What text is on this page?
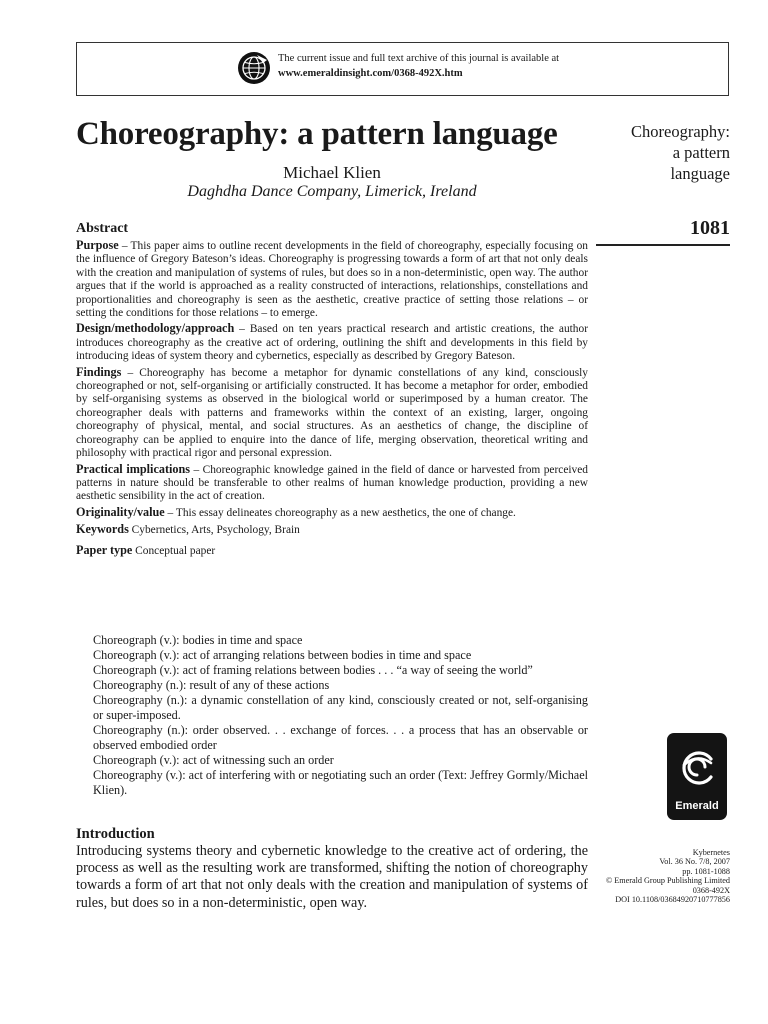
The current issue and full text archive of this journal is available at
www.emeraldinsight.com/0368-492X.htm
Choreography: a pattern language
Michael Klien
Daghdha Dance Company, Limerick, Ireland
Choreography:
a pattern
language
1081
Abstract

Purpose – This paper aims to outline recent developments in the field of choreography, especially focusing on the influence of Gregory Bateson’s ideas. Choreography is progressing towards a form of art that not only deals with the creation and manipulation of systems of rules, but does so in a non-deterministic, open way. The author argues that if the world is approached as a reality constructed of interactions, relationships, constellations and proportionalities and choreography is seen as the aesthetic, creative practice of setting those relations – or setting the conditions for those relations – to emerge.

Design/methodology/approach – Based on ten years practical research and artistic creations, the author introduces choreography as the creative act of ordering, outlining the shift and developments in this field by introducing ideas of system theory and cybernetics, especially as described by Gregory Bateson.

Findings – Choreography has become a metaphor for dynamic constellations of any kind, consciously choreographed or not, self-organising or artificially constructed. It has become a metaphor for order, embodied by self-organising systems as observed in the biological world or superimposed by a human creator. The choreographer deals with patterns and frameworks within the context of an existing, larger, ongoing choreography of physical, mental, and social structures. As an aesthetics of change, the discipline of choreography can be applied to enquire into the dance of life, merging observation, theoretical writing and philosophy with practical rigor and personal expression.

Practical implications – Choreographic knowledge gained in the field of dance or harvested from perceived patterns in nature should be transferable to other realms of human knowledge production, providing a new aesthetic sensibility in the act of creation.

Originality/value – This essay delineates choreography as a new aesthetics, the one of change.

Keywords Cybernetics, Arts, Psychology, Brain
Paper type Conceptual paper

Choreograph (v.): bodies in time and space

Choreograph (v.): act of arranging relations between bodies in time and space

Choreograph (v.): act of framing relations between bodies . . . “a way of seeing the world”

Choreography (n.): result of any of these actions

Choreography (n.): a dynamic constellation of any kind, consciously created or not, self-organising or super-imposed.

Choreography (n.): order observed. . . exchange of forces. . . a process that has an observable or observed embodied order

Choreograph (v.): act of witnessing such an order

Choreography (v.): act of interfering with or negotiating such an order (Text: Jeffrey Gormly/Michael Klien).

Emerald
Kybernetes
Vol. 36 No. 7/8, 2007
pp. 1081-1088
© Emerald Group Publishing Limited
0368-492X
DOI 10.1108/03684920710777856
Introduction
Introducing systems theory and cybernetic knowledge to the creative act of ordering, the process as well as the resulting work are transformed, shifting the notion of choreography towards a form of art that not only deals with the creation and manipulation of systems of rules, but does so in a non-deterministic, open way.
